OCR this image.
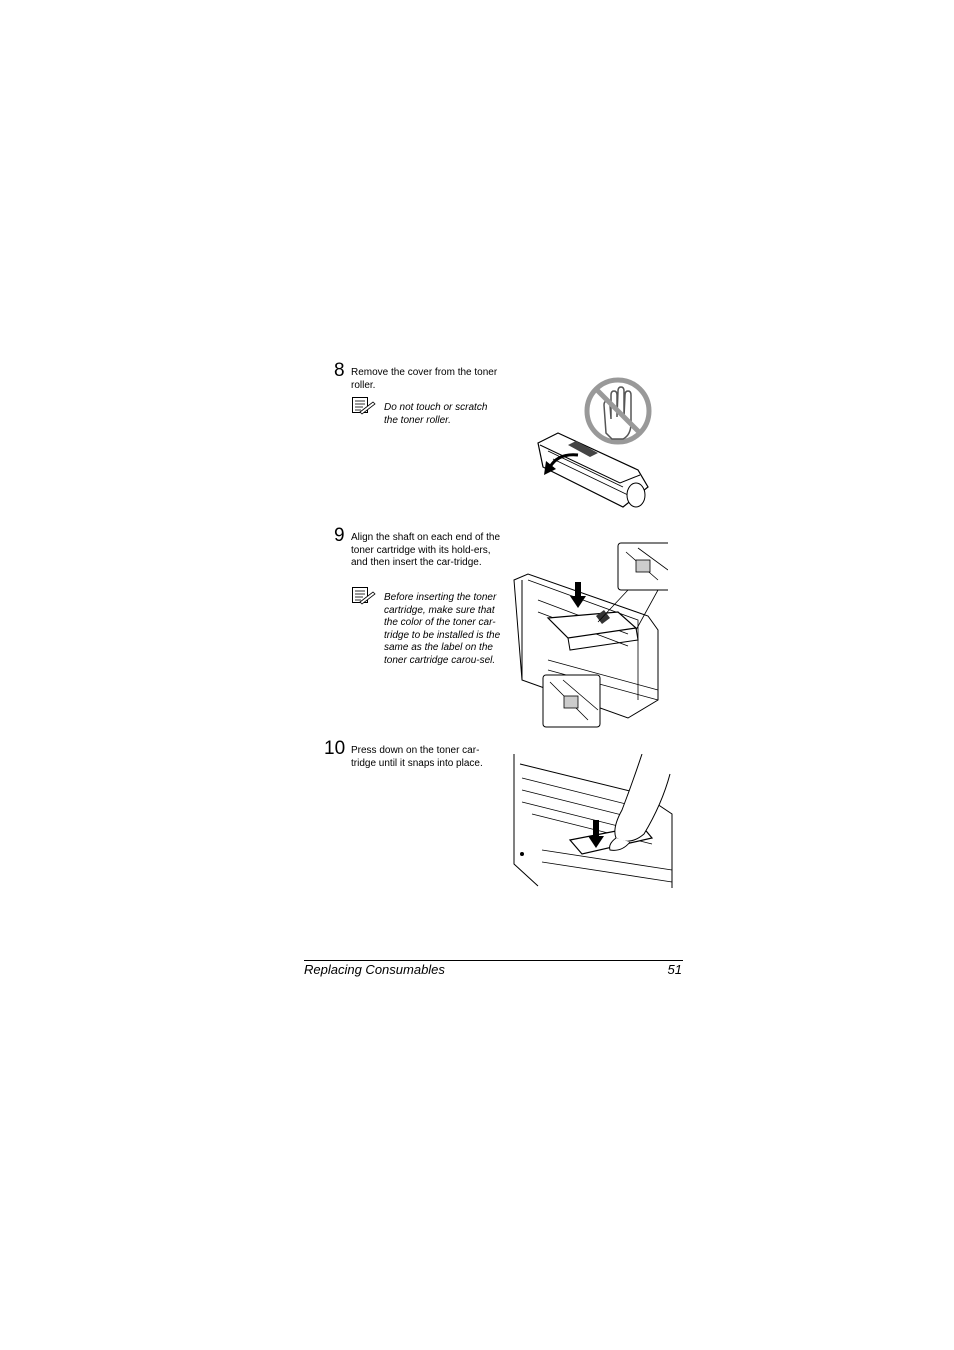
8 Remove the cover from the toner roller.

Do not touch or scratch the toner roller.

9 Align the shaft on each end of the toner cartridge with its hold-ers, and then insert the car-tridge.

Before inserting the toner cartridge, make sure that the color of the toner car-tridge to be installed is the same as the label on the toner cartridge carou-sel.

10 Press down on the toner car-tridge until it snaps into place.

Replacing Consumables	51
